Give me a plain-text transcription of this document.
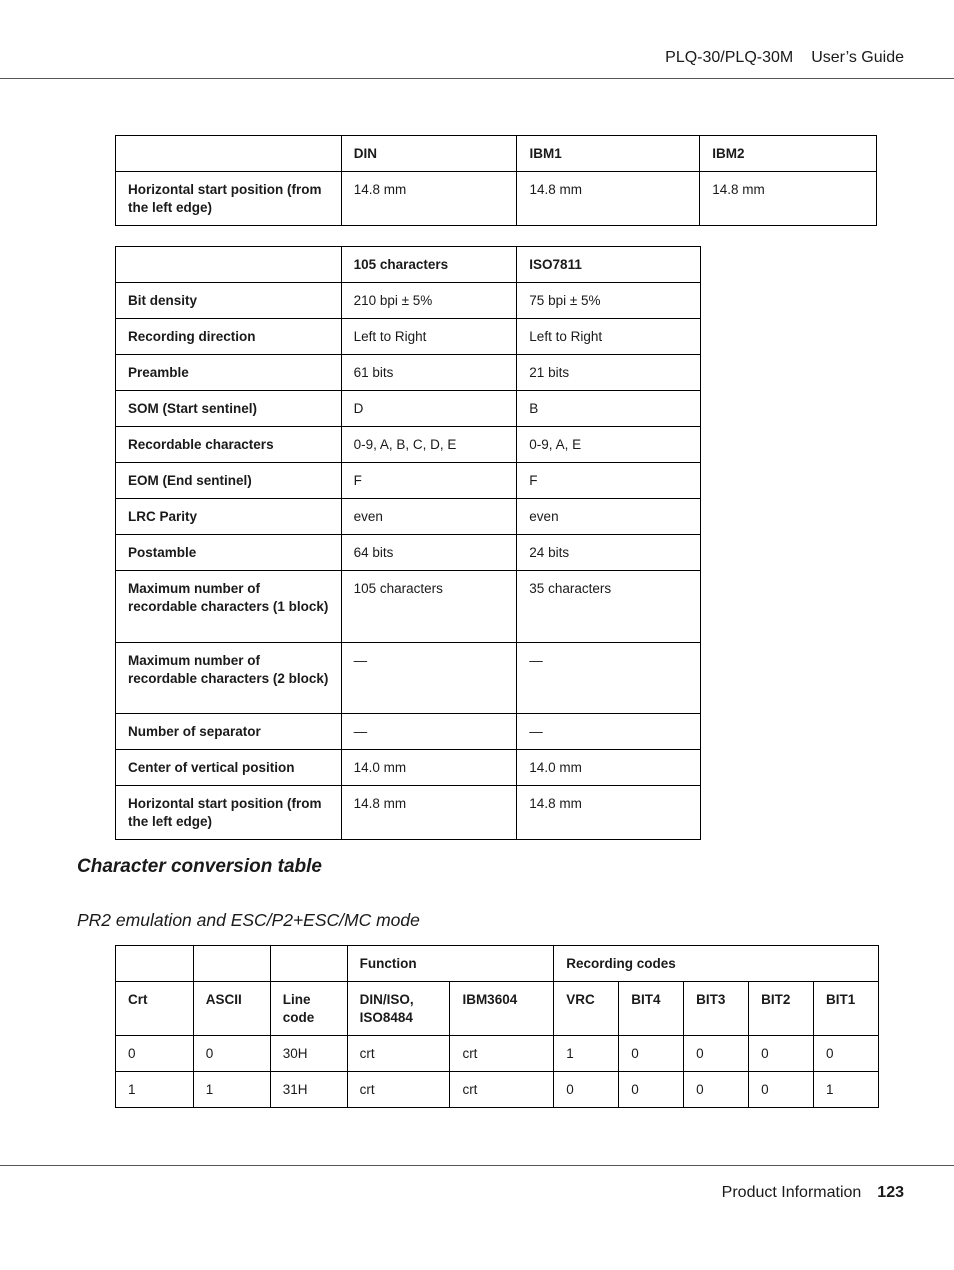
PLQ-30/PLQ-30M User’s Guide
	DIN	IBM1	IBM2
Horizontal start position (from the left edge)	14.8 mm	14.8 mm	14.8 mm
	105 characters	ISO7811
Bit density	210 bpi ± 5%	75 bpi ± 5%
Recording direction	Left to Right	Left to Right
Preamble	61 bits	21 bits
SOM (Start sentinel)	D	B
Recordable characters	0-9, A, B, C, D, E	0-9, A, E
EOM (End sentinel)	F	F
LRC Parity	even	even
Postamble	64 bits	24 bits
Maximum number of recordable characters (1 block)	105 characters	35 characters
Maximum number of recordable characters (2 block)	—	—
Number of separator	—	—
Center of vertical position	14.0 mm	14.0 mm
Horizontal start position (from the left edge)	14.8 mm	14.8 mm
Character conversion table
PR2 emulation and ESC/P2+ESC/MC mode
			Function		Recording codes				
Crt	ASCII	Line code	DIN/ISO, ISO8484	IBM3604	VRC	BIT4	BIT3	BIT2	BIT1
0	0	30H	crt	crt	1	0	0	0	0
1	1	31H	crt	crt	0	0	0	0	1
Product Information 123
